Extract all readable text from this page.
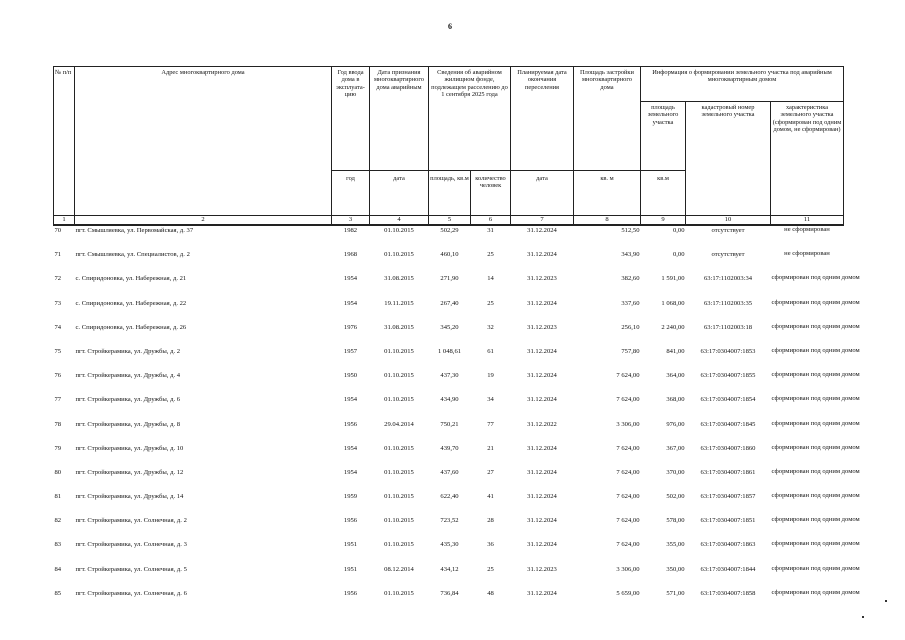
6
№ п/п	Адрес многоквартирного дома	Год ввода дома в эксплуата-цию	Дата признания многоквартирного дома аварийным	Сведения об аварийном жилищном фонде, подлежащем расселению до 1 сентября 2025 года		Планируемая дата окончания переселения	Площадь застройки многоквартирного дома	Информация о формировании земельного участка под аварийным многоквартирным домом		
								площадь земельного участка	кадастровый номер земельного участка	характеристика земельного участка (сформирован под одним домом, не сформирован)
		год	дата	площадь, кв.м	количество человек	дата	кв. м	кв.м		
1	2	3	4	5	6	7	8	9	10	11
70	пгт. Смышляевка, ул. Первомайская, д. 37	1982	01.10.2015	502,29	31	31.12.2024	512,50	0,00	отсутствует	не сформирован
71	пгт. Смышляевка, ул. Специалистов, д. 2	1968	01.10.2015	460,10	25	31.12.2024	343,90	0,00	отсутствует	не сформирован
72	с. Спиридоновка, ул. Набережная, д. 21	1954	31.08.2015	271,90	14	31.12.2023	382,60	1 591,00	63:17:1102003:34	сформирован под одним домом
73	с. Спиридоновка, ул. Набережная, д. 22	1954	19.11.2015	267,40	25	31.12.2024	337,60	1 068,00	63:17:1102003:35	сформирован под одним домом
74	с. Спиридоновка, ул. Набережная, д. 26	1976	31.08.2015	345,20	32	31.12.2023	256,10	2 240,00	63:17:1102003:18	сформирован под одним домом
75	пгт. Стройкерамика, ул. Дружбы, д. 2	1957	01.10.2015	1 048,61	61	31.12.2024	757,80	841,00	63:17:0304007:1853	сформирован под одним домом
76	пгт. Стройкерамика, ул. Дружбы, д. 4	1950	01.10.2015	437,30	19	31.12.2024	7 624,00	364,00	63:17:0304007:1855	сформирован под одним домом
77	пгт. Стройкерамика, ул. Дружбы, д. 6	1954	01.10.2015	434,90	34	31.12.2024	7 624,00	368,00	63:17:0304007:1854	сформирован под одним домом
78	пгт. Стройкерамика, ул. Дружбы, д. 8	1956	29.04.2014	750,21	77	31.12.2022	3 306,00	976,00	63:17:0304007:1845	сформирован под одним домом
79	пгт. Стройкерамика, ул. Дружбы, д. 10	1954	01.10.2015	439,70	21	31.12.2024	7 624,00	367,00	63:17:0304007:1860	сформирован под одним домом
80	пгт. Стройкерамика, ул. Дружбы, д. 12	1954	01.10.2015	437,60	27	31.12.2024	7 624,00	370,00	63:17:0304007:1861	сформирован под одним домом
81	пгт. Стройкерамика, ул. Дружбы, д. 14	1959	01.10.2015	622,40	41	31.12.2024	7 624,00	502,00	63:17:0304007:1857	сформирован под одним домом
82	пгт. Стройкерамика, ул. Солнечная, д. 2	1956	01.10.2015	723,52	28	31.12.2024	7 624,00	578,00	63:17:0304007:1851	сформирован под одним домом
83	пгт. Стройкерамика, ул. Солнечная, д. 3	1951	01.10.2015	435,30	36	31.12.2024	7 624,00	355,00	63:17:0304007:1863	сформирован под одним домом
84	пгт. Стройкерамика, ул. Солнечная, д. 5	1951	08.12.2014	434,12	25	31.12.2023	3 306,00	350,00	63:17:0304007:1844	сформирован под одним домом
85	пгт. Стройкерамика, ул. Солнечная, д. 6	1956	01.10.2015	736,84	48	31.12.2024	5 659,00	571,00	63:17:0304007:1858	сформирован под одним домом
